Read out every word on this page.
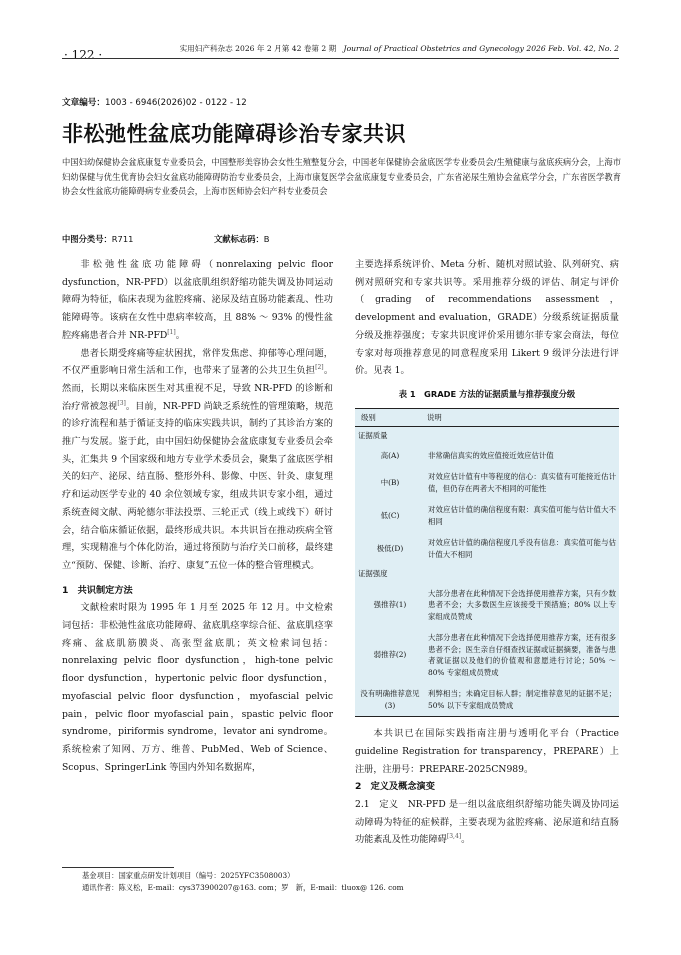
· 122 ·	实用妇产科杂志 2026 年 2 月第 42 卷第 2 期 Journal of Practical Obstetrics and Gynecology 2026 Feb. Vol. 42, No. 2
文章编号：1003 - 6946(2026)02 - 0122 - 12
非松弛性盆底功能障碍诊治专家共识
中国妇幼保健协会盆底康复专业委员会，中国整形美容协会女性生殖整复分会，中国老年保健协会盆底医学专业委员会/生殖健康与盆底疾病分会，上海市妇幼保健与优生优育协会妇女盆底功能障碍防治专业委员会，上海市康复医学会盆底康复专业委员会，广东省泌尿生殖协会盆底学分会，广东省医学教育协会女性盆底功能障碍病专业委员会，上海市医师协会妇产科专业委员会
中图分类号：R711	文献标志码：B

非松弛性盆底功能障碍（nonrelaxing pelvic floor dysfunction，NR-PFD）以盆底肌组织舒缩功能失调及协同运动障碍为特征，临床表现为盆腔疼痛、泌尿及结直肠功能紊乱、性功能障碍等。该病在女性中患病率较高，且 88% ～ 93% 的慢性盆腔疼痛患者合并 NR-PFD[1]。

患者长期受疼痛等症状困扰，常伴发焦虑、抑郁等心理问题，不仅严重影响日常生活和工作，也带来了显著的公共卫生负担[2]。然而，长期以来临床医生对其重视不足，导致 NR-PFD 的诊断和治疗常被忽视[3]。目前，NR-PFD 尚缺乏系统性的管理策略，规范的诊疗流程和基于循证支持的临床实践共识，制约了其诊治方案的推广与发展。鉴于此，由中国妇幼保健协会盆底康复专业委员会牵头，汇集共 9 个国家级和地方专业学术委员会，聚集了盆底医学相关的妇产、泌尿、结直肠、整形外科、影像、中医、针灸、康复理疗和运动医学专业的 40 余位领域专家，组成共识专家小组，通过系统查阅文献、两轮德尔菲法投票、三轮正式（线上或线下）研讨会，结合临床循证依据，最终形成共识。本共识旨在推动疾病全管理，实现精准与个体化防治，通过将预防与治疗关口前移，最终建立“预防、保健、诊断、治疗、康复”五位一体的整合管理模式。

1　共识制定方法

文献检索时限为 1995 年 1 月至 2025 年 12 月。中文检索词包括：非松弛性盆底功能障碍、盆底肌痉挛综合征、盆底肌痉挛疼痛、盆底肌筋膜炎、高张型盆底肌；英文检索词包括：nonrelaxing pelvic floor dysfunction，high-tone pelvic floor dysfunction，hypertonic pelvic floor dysfunction，myofascial pelvic floor dysfunction，myofascial pelvic pain，pelvic floor myofascial pain，spastic pelvic floor syndrome，piriformis syndrome，levator ani syndrome。系统检索了知网、万方、维普、PubMed、Web of Science、Scopus、SpringerLink 等国内外知名数据库，

主要选择系统评价、Meta 分析、随机对照试验、队列研究、病例对照研究和专家共识等。采用推荐分级的评估、制定与评价（grading of recommendations assessment，development and evaluation，GRADE）分级系统证据质量分级及推荐强度；专家共识度评价采用德尔菲专家会商法，每位专家对每项推荐意见的同意程度采用 Likert 9 级评分法进行评价。见表 1。

表 1　GRADE 方法的证据质量与推荐强度分级
级别	说明
证据质量	
高(A)	非常确信真实的效应值接近效应估计值
中(B)	对效应估计值有中等程度的信心：真实值有可能接近估计值，但仍存在两者大不相同的可能性
低(C)	对效应估计值的确信程度有限：真实值可能与估计值大不相同
极低(D)	对效应估计值的确信程度几乎没有信息：真实值可能与估计值大不相同
证据强度	
强推荐(1)	大部分患者在此种情况下会选择使用推荐方案，只有少数患者不会；大多数医生应该接受干预措施；80% 以上专家组成员赞成
弱推荐(2)	大部分患者在此种情况下会选择使用推荐方案，还有很多患者不会；医生亲自仔细查找证据或证据摘要，准备与患者就证据以及他们的价值观和意愿进行讨论；50% ～ 80% 专家组成员赞成
没有明确推荐意见(3)	利弊相当；未确定目标人群；制定推荐意见的证据不足；50% 以下专家组成员赞成

本共识已在国际实践指南注册与透明化平台（Practice guideline Registration for transparency，PREPARE）上注册，注册号：PREPARE-2025CN989。

2　定义及概念演变

2.1　定义　NR-PFD 是一组以盆底组织舒缩功能失调及协同运动障碍为特征的症候群，主要表现为盆腔疼痛、泌尿道和结直肠功能紊乱及性功能障碍[3,4]。

基金项目：国家重点研发计划项目（编号：2025YFC3508003）
通讯作者：陈义松，E-mail：cys373900207@163. com；罗　新，E-mail：tluox@ 126. com
